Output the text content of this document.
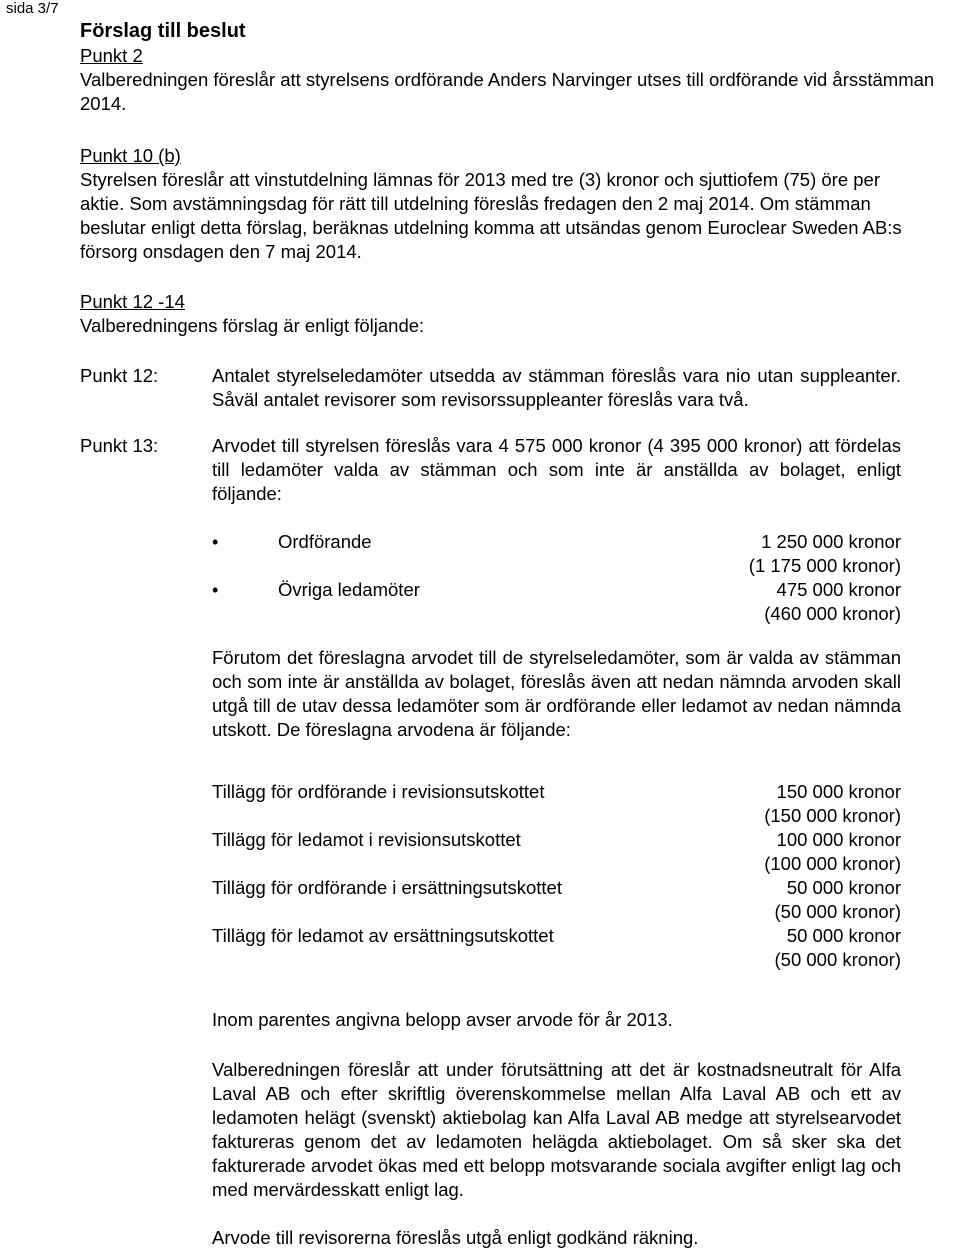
sida 3/7
Förslag till beslut

Punkt 2

Valberedningen föreslår att styrelsens ordförande Anders Narvinger utses till ordförande vid årsstämman 2014.

Punkt 10 (b)

Styrelsen föreslår att vinstutdelning lämnas för 2013 med tre (3) kronor och sjuttiofem (75) öre per aktie. Som avstämningsdag för rätt till utdelning föreslås fredagen den 2 maj 2014. Om stämman beslutar enligt detta förslag, beräknas utdelning komma att utsändas genom Euroclear Sweden AB:s försorg onsdagen den 7 maj 2014.

Punkt 12 -14

Valberedningens förslag är enligt följande:

Punkt 12:	Antalet styrelseledamöter utsedda av stämman föreslås vara nio utan suppleanter. Såväl antalet revisorer som revisorssuppleanter föreslås vara två.
Punkt 13:	Arvodet till styrelsen föreslås vara 4 575 000 kronor (4 395 000 kronor) att fördelas till ledamöter valda av stämman och som inte är anställda av bolaget, enligt följande:
•	Ordförande	1 250 000 kronor
(1 175 000 kronor)
•	Övriga ledamöter	475 000 kronor
(460 000 kronor)

Förutom det föreslagna arvodet till de styrelseledamöter, som är valda av stämman och som inte är anställda av bolaget, föreslås även att nedan nämnda arvoden skall utgå till de utav dessa ledamöter som är ordförande eller ledamot av nedan nämnda utskott. De föreslagna arvodena är följande:

Tillägg för ordförande i revisionsutskottet	150 000 kronor
(150 000 kronor)
Tillägg för ledamot i revisionsutskottet	100 000 kronor
(100 000 kronor)
Tillägg för ordförande i ersättningsutskottet	50 000 kronor
(50 000 kronor)
Tillägg för ledamot av ersättningsutskottet	50 000 kronor
(50 000 kronor)

Inom parentes angivna belopp avser arvode för år 2013.

Valberedningen föreslår att under förutsättning att det är kostnadsneutralt för Alfa Laval AB och efter skriftlig överenskommelse mellan Alfa Laval AB och ett av ledamoten helägt (svenskt) aktiebolag kan Alfa Laval AB medge att styrelsearvodet faktureras genom det av ledamoten helägda aktiebolaget. Om så sker ska det fakturerade arvodet ökas med ett belopp motsvarande sociala avgifter enligt lag och med mervärdesskatt enligt lag.

Arvode till revisorerna föreslås utgå enligt godkänd räkning.
